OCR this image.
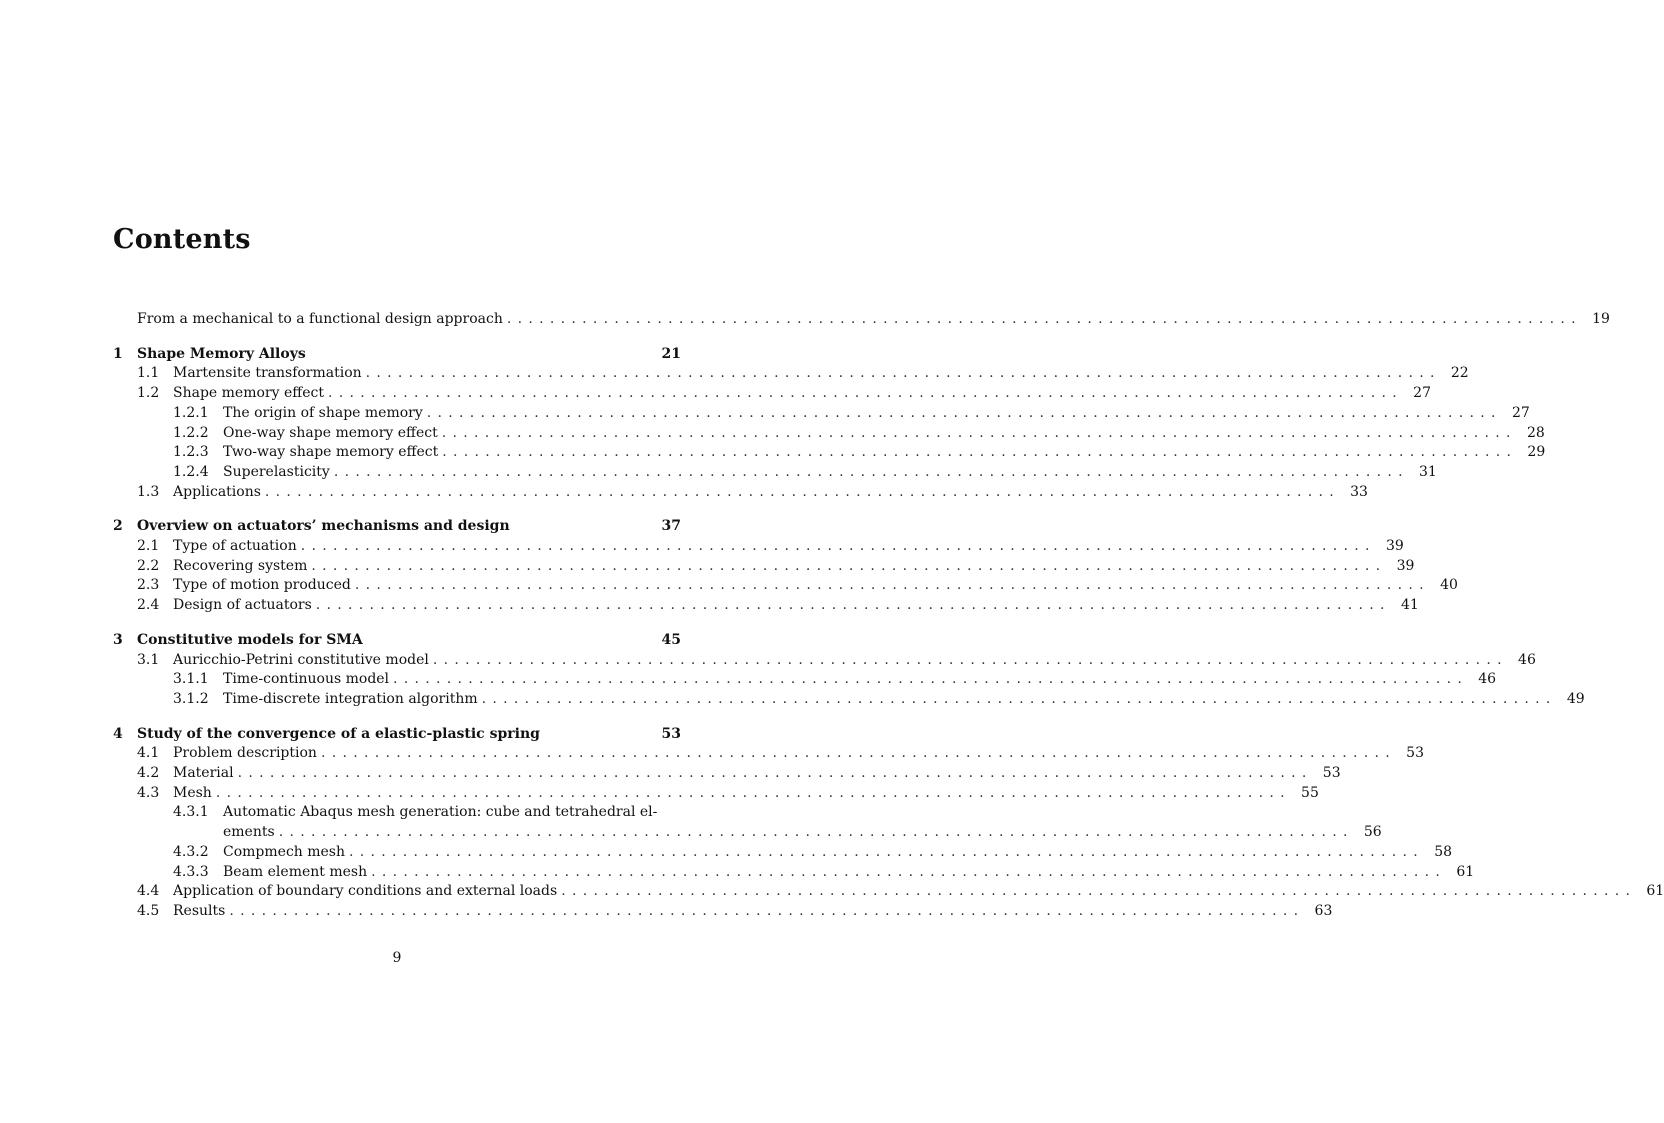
Contents
From a mechanical to a functional design approach .................................................................................................... 19
1	Shape Memory Alloys	21
1.1 Martensite transformation .................................................................................................... 22
1.2 Shape memory effect .................................................................................................... 27
1.2.1	The origin of shape memory .................................................................................................... 27
1.2.2	One-way shape memory effect .................................................................................................... 28
1.2.3	Two-way shape memory effect .................................................................................................... 29
1.2.4	Superelasticity .................................................................................................... 31
1.3 Applications .................................................................................................... 33
2	Overview on actuators’ mechanisms and design	37
2.1 Type of actuation .................................................................................................... 39
2.2 Recovering system .................................................................................................... 39
2.3 Type of motion produced .................................................................................................... 40
2.4 Design of actuators .................................................................................................... 41
3	Constitutive models for SMA	45
3.1 Auricchio-Petrini constitutive model .................................................................................................... 46
3.1.1	Time-continuous model .................................................................................................... 46
3.1.2	Time-discrete integration algorithm .................................................................................................... 49
4	Study of the convergence of a elastic-plastic spring	53
4.1 Problem description .................................................................................................... 53
4.2 Material .................................................................................................... 53
4.3 Mesh .................................................................................................... 55
4.3.1 Automatic Abaqus mesh generation: cube and tetrahedral el-
ements .................................................................................................... 56
4.3.2	Compmech mesh .................................................................................................... 58
4.3.3	Beam element mesh .................................................................................................... 61
4.4 Application of boundary conditions and external loads .................................................................................................... 61
4.5 Results .................................................................................................... 63
9
